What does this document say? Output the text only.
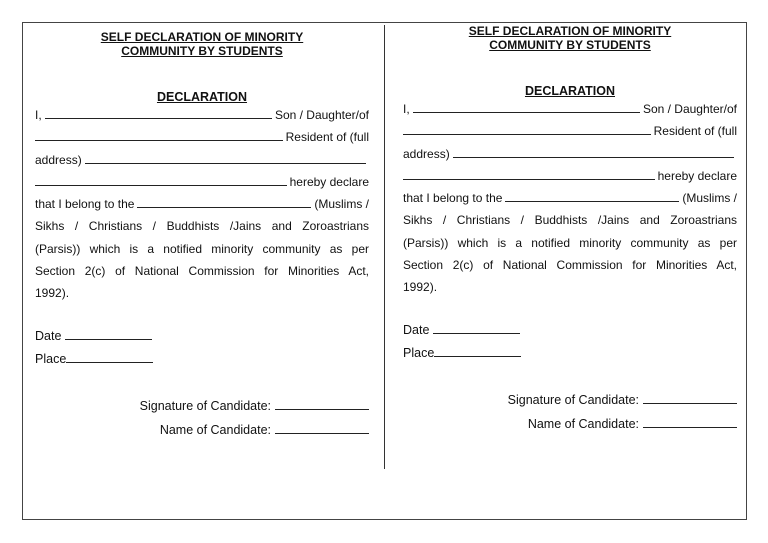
SELF DECLARATION OF MINORITY
COMMUNITY BY STUDENTS
DECLARATION
I,	Son / Daughter/of
Resident of (full
address)
hereby declare
that I belong to the	(Muslims /
Sikhs / Christians / Buddhists /Jains and Zoroastrians
(Parsis)) which is a notified minority community as per
Section 2(c) of National Commission for Minorities Act,
1992).
Date
Place
Signature of Candidate:
Name of Candidate:
SELF DECLARATION OF MINORITY
COMMUNITY BY STUDENTS
DECLARATION
I,	Son / Daughter/of
Resident of (full
address)
hereby declare
that I belong to the	(Muslims /
Sikhs / Christians / Buddhists /Jains and Zoroastrians
(Parsis)) which is a notified minority community as per
Section 2(c) of National Commission for Minorities Act,
1992).
Date
Place
Signature of Candidate:
Name of Candidate:
